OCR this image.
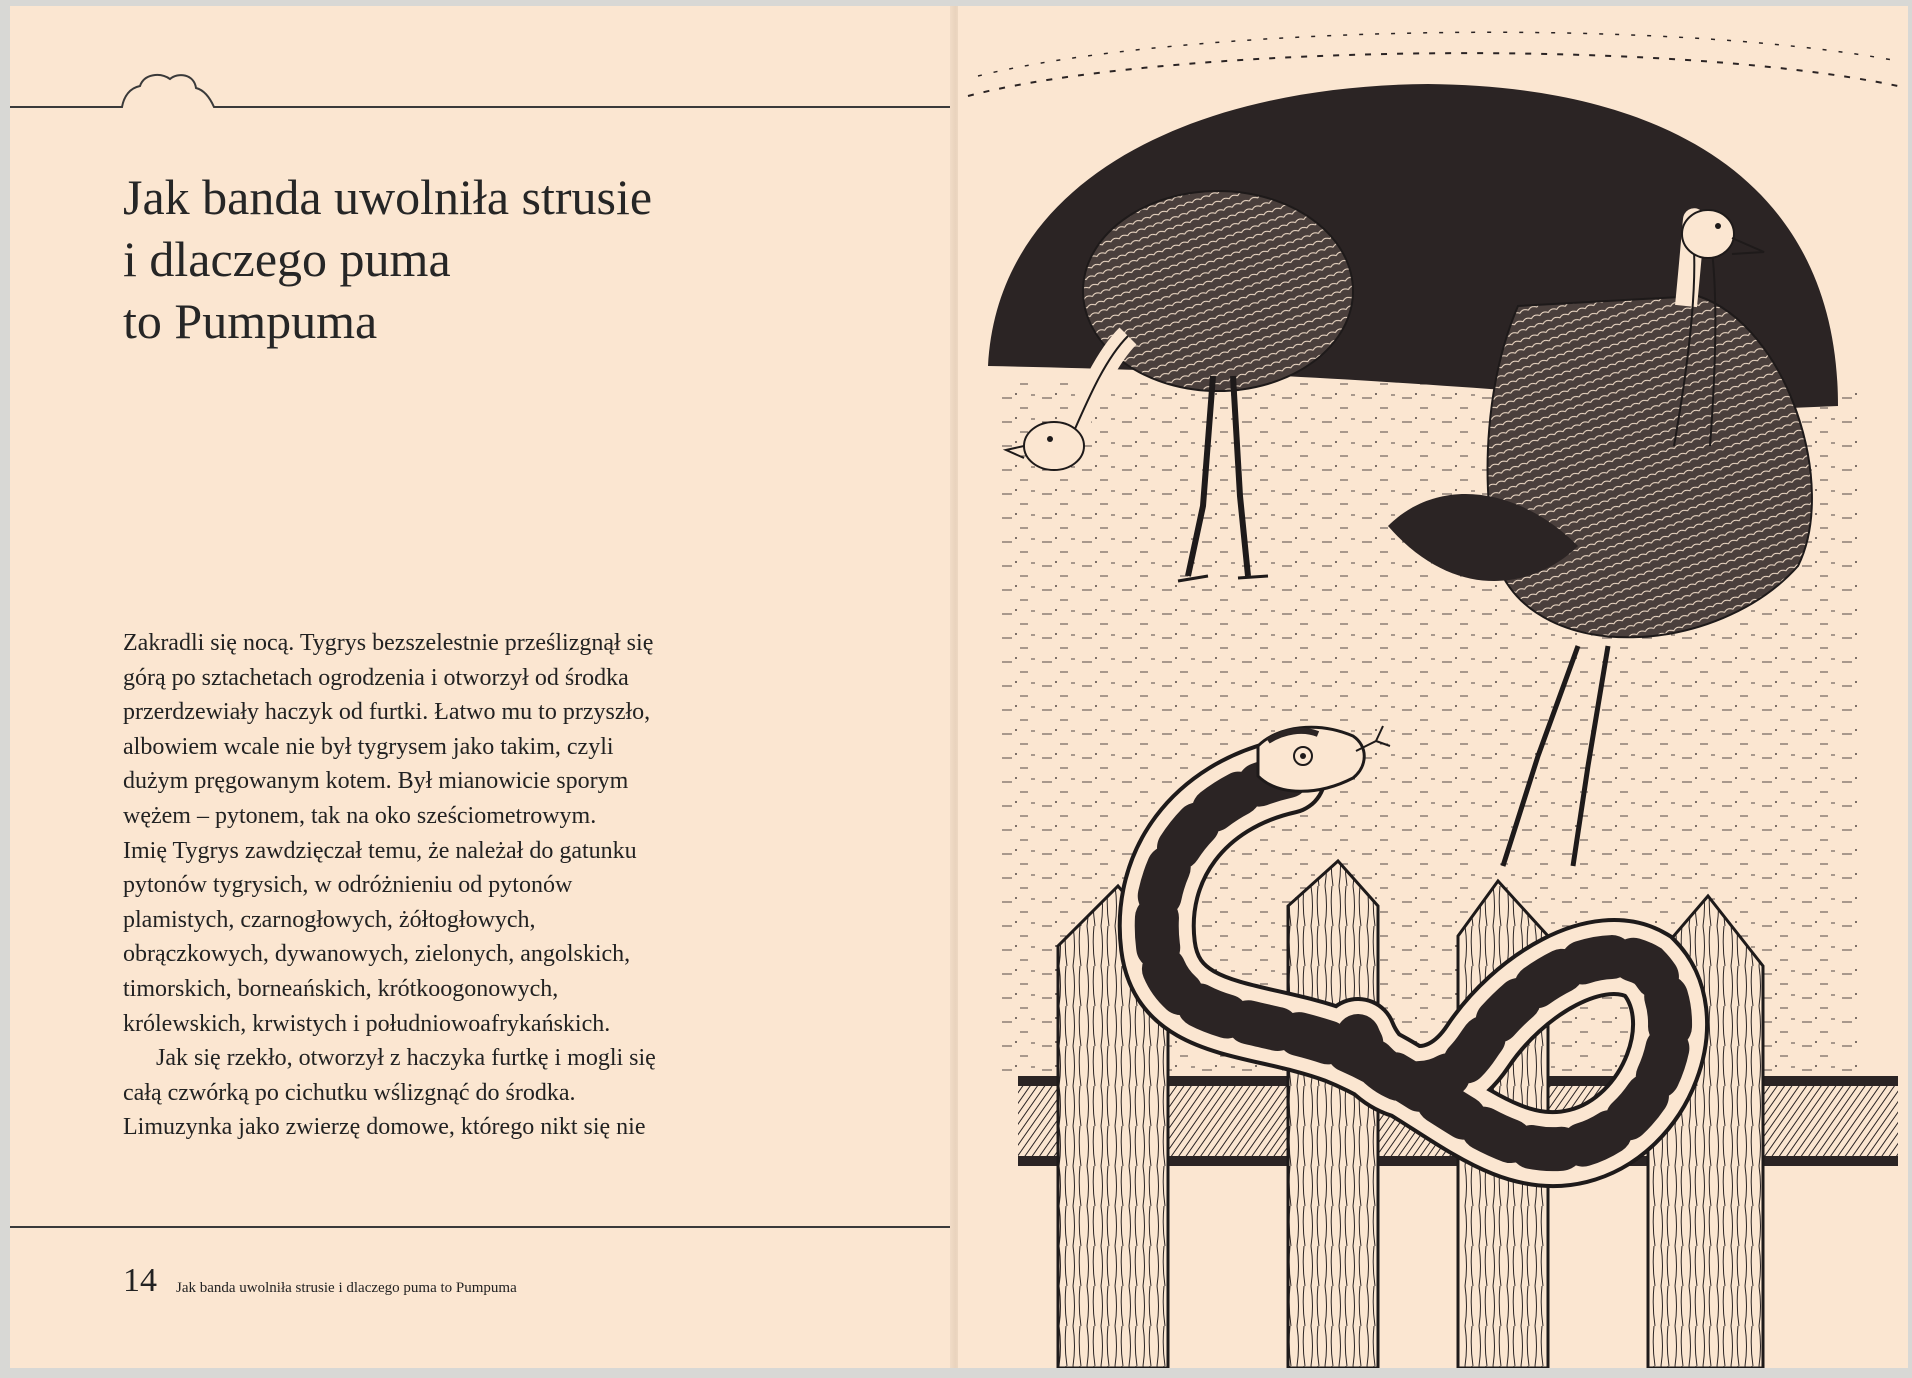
Jak banda uwolniła strusie
i dlaczego puma
to Pumpuma
Zakradli się nocą. Tygrys bezszelestnie prześlizgnął się
górą po sztachetach ogrodzenia i otworzył od środka
przerdzewiały haczyk od furtki. Łatwo mu to przyszło,
albowiem wcale nie był tygrysem jako takim, czyli
dużym pręgowanym kotem. Był mianowicie sporym
wężem – pytonem, tak na oko sześciometrowym.
Imię Tygrys zawdzięczał temu, że należał do gatunku
pytonów tygrysich, w odróżnieniu od pytonów
plamistych, czarnogłowych, żółtogłowych,
obrączkowych, dywanowych, zielonych, angolskich,
timorskich, borneańskich, krótkoogonowych,
królewskich, krwistych i południowoafrykańskich.
Jak się rzekło, otworzył z haczyka furtkę i mogli się
całą czwórką po cichutku wślizgnąć do środka.
Limuzynka jako zwierzę domowe, którego nikt się nie
14 Jak banda uwolniła strusie i dlaczego puma to Pumpuma
